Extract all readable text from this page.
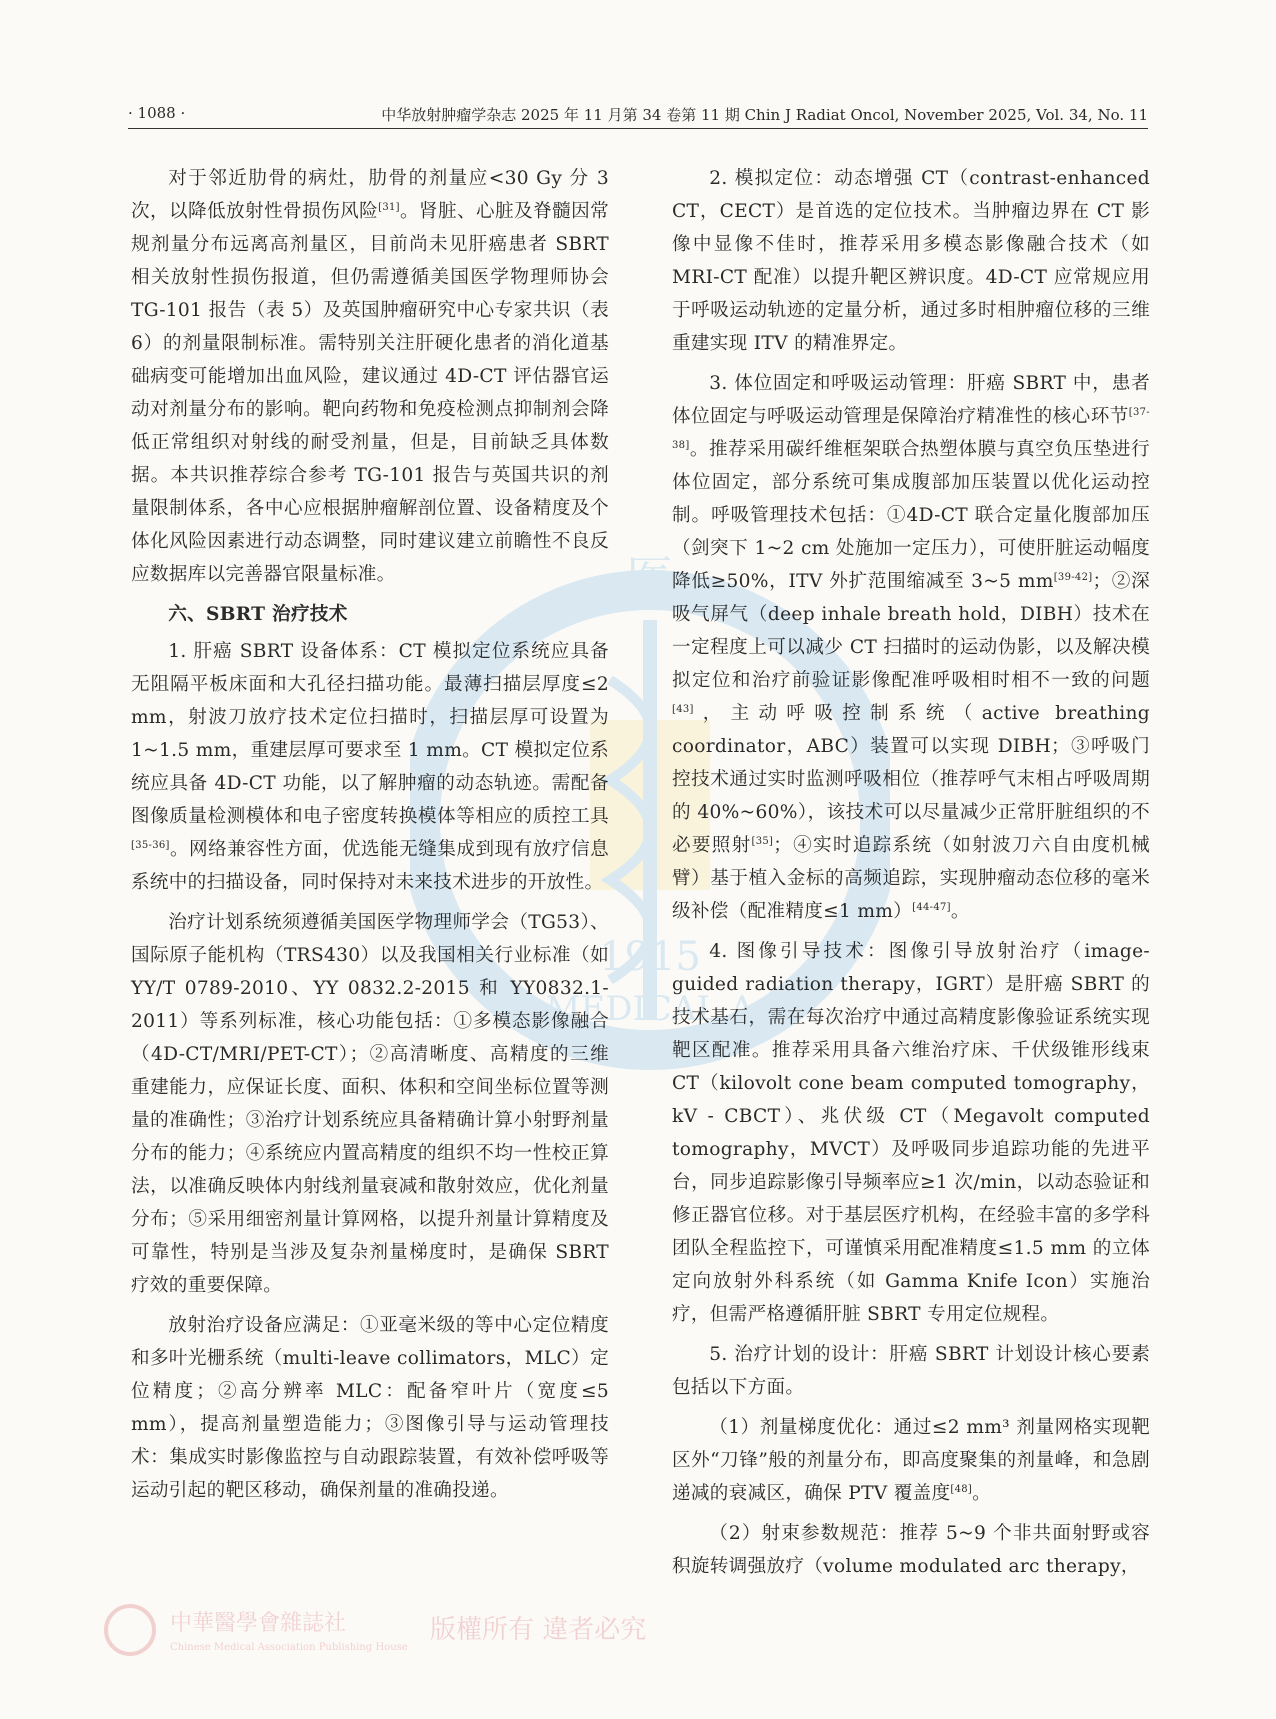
· 1088 ·	中华放射肿瘤学杂志 2025 年 11 月第 34 卷第 11 期 Chin J Radiat Oncol, November 2025, Vol. 34, No. 11
医
1915
MEDICAL A

对于邻近肋骨的病灶，肋骨的剂量应<30 Gy 分 3 次，以降低放射性骨损伤风险[31]。肾脏、心脏及脊髓因常规剂量分布远离高剂量区，目前尚未见肝癌患者 SBRT 相关放射性损伤报道，但仍需遵循美国医学物理师协会 TG-101 报告（表 5）及英国肿瘤研究中心专家共识（表 6）的剂量限制标准。需特别关注肝硬化患者的消化道基础病变可能增加出血风险，建议通过 4D-CT 评估器官运动对剂量分布的影响。靶向药物和免疫检测点抑制剂会降低正常组织对射线的耐受剂量，但是，目前缺乏具体数据。本共识推荐综合参考 TG-101 报告与英国共识的剂量限制体系，各中心应根据肿瘤解剖位置、设备精度及个体化风险因素进行动态调整，同时建议建立前瞻性不良反应数据库以完善器官限量标准。

六、SBRT 治疗技术

1. 肝癌 SBRT 设备体系：CT 模拟定位系统应具备无阻隔平板床面和大孔径扫描功能。最薄扫描层厚度≤2 mm，射波刀放疗技术定位扫描时，扫描层厚可设置为 1~1.5 mm，重建层厚可要求至 1 mm。CT 模拟定位系统应具备 4D-CT 功能，以了解肿瘤的动态轨迹。需配备图像质量检测模体和电子密度转换模体等相应的质控工具[35-36]。网络兼容性方面，优选能无缝集成到现有放疗信息系统中的扫描设备，同时保持对未来技术进步的开放性。

治疗计划系统须遵循美国医学物理师学会（TG53）、国际原子能机构（TRS430）以及我国相关行业标准（如 YY/T 0789-2010、YY 0832.2-2015 和 YY0832.1-2011）等系列标准，核心功能包括：①多模态影像融合（4D-CT/MRI/PET-CT）；②高清晰度、高精度的三维重建能力，应保证长度、面积、体积和空间坐标位置等测量的准确性；③治疗计划系统应具备精确计算小射野剂量分布的能力；④系统应内置高精度的组织不均一性校正算法，以准确反映体内射线剂量衰减和散射效应，优化剂量分布；⑤采用细密剂量计算网格，以提升剂量计算精度及可靠性，特别是当涉及复杂剂量梯度时，是确保 SBRT 疗效的重要保障。

放射治疗设备应满足：①亚毫米级的等中心定位精度和多叶光栅系统（multi-leave collimators，MLC）定位精度；②高分辨率 MLC：配备窄叶片（宽度≤5 mm），提高剂量塑造能力；③图像引导与运动管理技术：集成实时影像监控与自动跟踪装置，有效补偿呼吸等运动引起的靶区移动，确保剂量的准确投递。

2. 模拟定位：动态增强 CT（contrast-enhanced CT，CECT）是首选的定位技术。当肿瘤边界在 CT 影像中显像不佳时，推荐采用多模态影像融合技术（如 MRI-CT 配准）以提升靶区辨识度。4D-CT 应常规应用于呼吸运动轨迹的定量分析，通过多时相肿瘤位移的三维重建实现 ITV 的精准界定。

3. 体位固定和呼吸运动管理：肝癌 SBRT 中，患者体位固定与呼吸运动管理是保障治疗精准性的核心环节[37-38]。推荐采用碳纤维框架联合热塑体膜与真空负压垫进行体位固定，部分系统可集成腹部加压装置以优化运动控制。呼吸管理技术包括：①4D-CT 联合定量化腹部加压（剑突下 1~2 cm 处施加一定压力），可使肝脏运动幅度降低≥50%，ITV 外扩范围缩减至 3~5 mm[39-42]；②深吸气屏气（deep inhale breath hold，DIBH）技术在一定程度上可以减少 CT 扫描时的运动伪影，以及解决模拟定位和治疗前验证影像配准呼吸相时相不一致的问题[43]，主动呼吸控制系统（active breathing coordinator，ABC）装置可以实现 DIBH；③呼吸门控技术通过实时监测呼吸相位（推荐呼气末相占呼吸周期的 40%~60%），该技术可以尽量减少正常肝脏组织的不必要照射[35]；④实时追踪系统（如射波刀六自由度机械臂）基于植入金标的高频追踪，实现肿瘤动态位移的毫米级补偿（配准精度≤1 mm）[44-47]。

4. 图像引导技术：图像引导放射治疗（image-guided radiation therapy，IGRT）是肝癌 SBRT 的技术基石，需在每次治疗中通过高精度影像验证系统实现靶区配准。推荐采用具备六维治疗床、千伏级锥形线束 CT（kilovolt cone beam computed tomography，kV - CBCT）、兆伏级 CT（Megavolt computed tomography，MVCT）及呼吸同步追踪功能的先进平台，同步追踪影像引导频率应≥1 次/min，以动态验证和修正器官位移。对于基层医疗机构，在经验丰富的多学科团队全程监控下，可谨慎采用配准精度≤1.5 mm 的立体定向放射外科系统（如 Gamma Knife Icon）实施治疗，但需严格遵循肝脏 SBRT 专用定位规程。

5. 治疗计划的设计：肝癌 SBRT 计划设计核心要素包括以下方面。

（1）剂量梯度优化：通过≤2 mm³ 剂量网格实现靶区外“刀锋”般的剂量分布，即高度聚集的剂量峰，和急剧递减的衰减区，确保 PTV 覆盖度[48]。

（2）射束参数规范：推荐 5~9 个非共面射野或容积旋转调强放疗（volume modulated arc therapy，

中華醫學會雜誌社
Chinese Medical Association Publishing House
版權所有 違者必究
